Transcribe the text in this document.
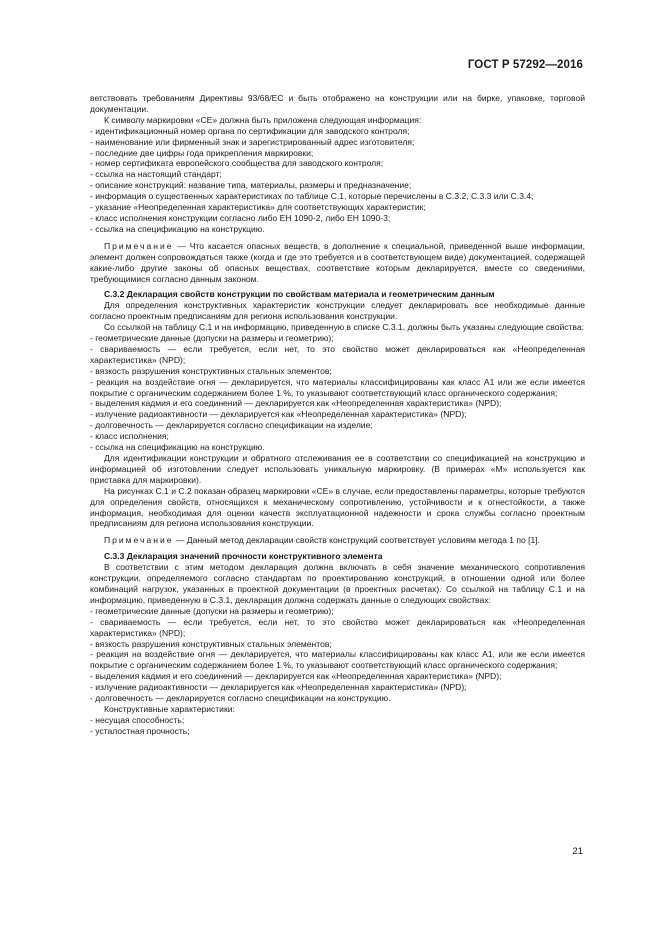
ГОСТ Р 57292—2016

ветствовать требованиям Директивы 93/68/ЕС и быть отображено на конструкции или на бирке, упаковке, торговой документации.

К символу маркировки «СЕ» должна быть приложена следующая информация:

- идентификационный номер органа по сертификации для заводского контроля;

- наименование или фирменный знак и зарегистрированный адрес изготовителя;

- последние две цифры года прикрепления маркировки;

- номер сертификата европейского сообщества для заводского контроля;

- ссылка на настоящий стандарт;

- описание конструкций: название типа, материалы, размеры и предназначение;

- информация о существенных характеристиках по таблице С.1, которые перечислены в С.3.2, С.3.3 или С.3.4;

- указание «Неопределенная характеристика» для соответствующих характеристик;

- класс исполнения конструкции согласно либо ЕН 1090-2, либо ЕН 1090-3;

- ссылка на спецификацию на конструкцию.

Примечание — Что касается опасных веществ, в дополнение к специальной, приведенной выше информации, элемент должен сопровождаться также (когда и где это требуется и в соответствующем виде) документацией, содержащей какие-либо другие законы об опасных веществах, соответствие которым декларируется, вместе со сведениями, требующимися согласно данным законом.

С.3.2 Декларация свойств конструкции по свойствам материала и геометрическим данным

Для определения конструктивных характеристик конструкции следует декларировать все необходимые данные согласно проектным предписаниям для региона использования конструкции.

Со ссылкой на таблицу С.1 и на информацию, приведенную в списке С.3.1, должны быть указаны следующие свойства:

- геометрические данные (допуски на размеры и геометрию);

- свариваемость — если требуется, если нет, то это свойство может декларироваться как «Неопределенная характеристика» (NPD);

- вязкость разрушения конструктивных стальных элементов;

- реакция на воздействие огня — декларируется, что материалы классифицированы как класс А1 или же если имеется покрытие с органическим содержанием более 1 %, то указывают соответствующий класс органического содержания;

- выделения кадмия и его соединений — декларируется как «Неопределенная характеристика» (NPD);

- излучение радиоактивности — декларируется как «Неопределенная характеристика» (NPD);

- долговечность — декларируется согласно спецификации на изделие;

- класс исполнения;

- ссылка на спецификацию на конструкцию.

Для идентификации конструкции и обратного отслеживания ее в соответствии со спецификацией на конструкцию и информацией об изготовлении следует использовать уникальную маркировку. (В примерах «М» используется как приставка для маркировки).

На рисунках С.1 и С.2 показан образец маркировки «СЕ» в случае, если предоставлены параметры, которые требуются для определения свойств, относящихся к механическому сопротивлению, устойчивости и к огнестойкости, а также информация, необходимая для оценки качеств эксплуатационной надежности и срока службы согласно проектным предписаниям для региона использования конструкции.

Примечание — Данный метод декларации свойств конструкций соответствует условиям метода 1 по [1].

С.3.3 Декларация значений прочности конструктивного элемента

В соответствии с этим методом декларация должна включать в себя значение механического сопротивления конструкции, определяемого согласно стандартам по проектированию конструкций, в отношении одной или более комбинаций нагрузок, указанных в проектной документации (в проектных расчетах). Со ссылкой на таблицу С.1 и на информацию, приведенную в С.3.1, декларация должна содержать данные о следующих свойствах:

- геометрические данные (допуски на размеры и геометрию);

- свариваемость — если требуется, если нет, то это свойство может декларироваться как «Неопределенная характеристика» (NPD);

- вязкость разрушения конструктивных стальных элементов;

- реакция на воздействие огня — декларируется, что материалы классифицированы как класс А1, или же если имеется покрытие с органическим содержанием более 1 %, то указывают соответствующий класс органического содержания;

- выделения кадмия и его соединений — декларируется как «Неопределенная характеристика» (NPD);

- излучение радиоактивности — декларируется как «Неопределенная характеристика» (NPD);

- долговечность — декларируется согласно спецификации на конструкцию.

Конструктивные характеристики:

- несущая способность;

- усталостная прочность;

21
